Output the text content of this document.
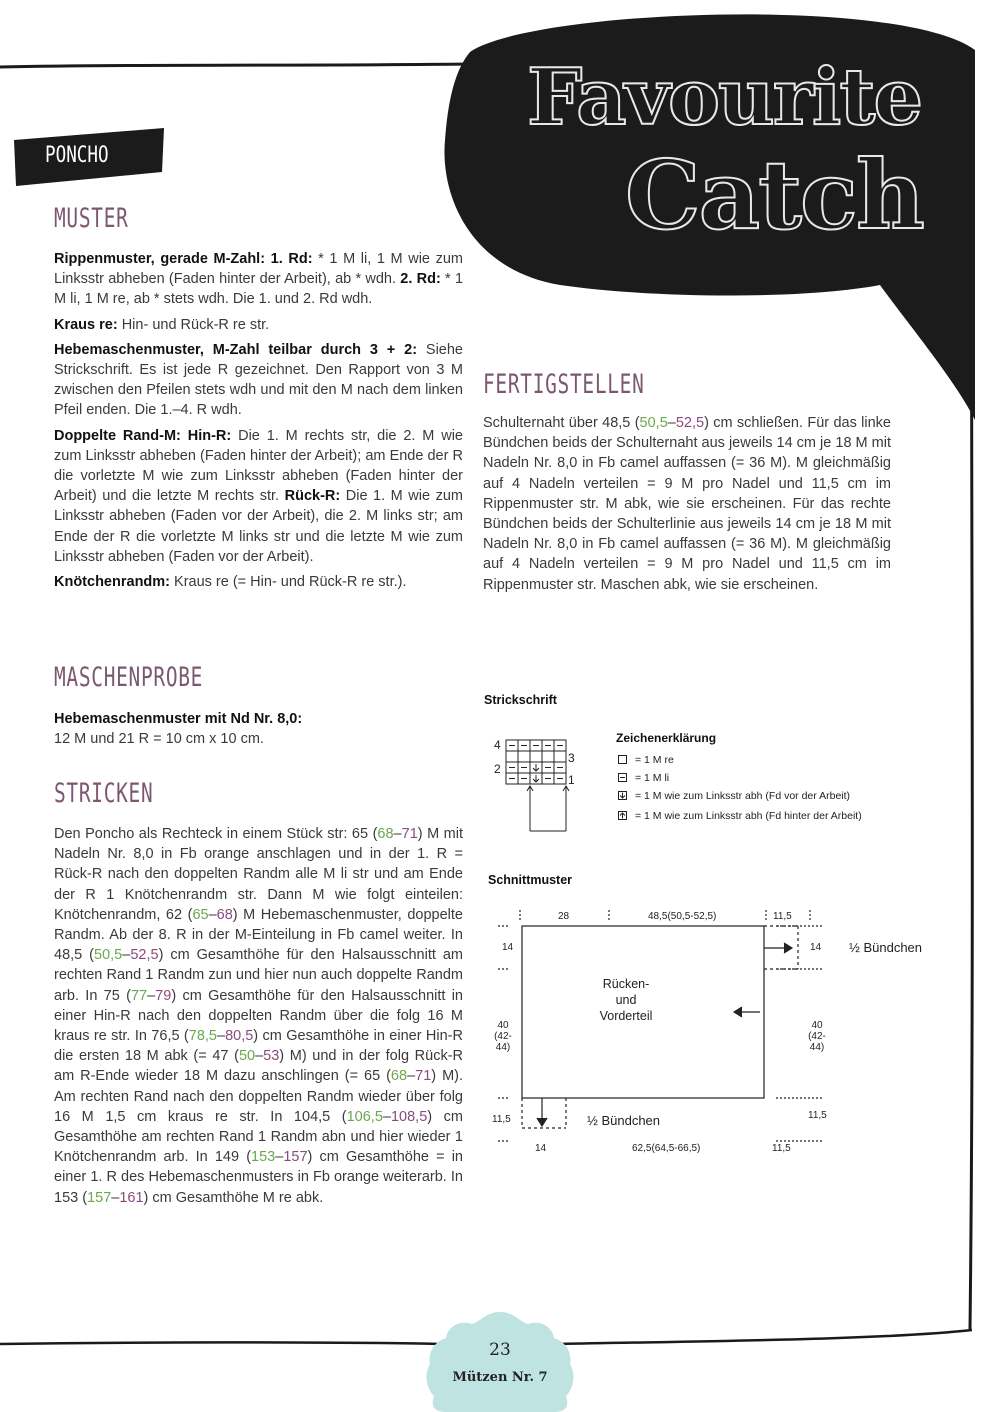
PONCHO
Favourite
Catch
MUSTER

Rippenmuster, gerade M-Zahl: 1. Rd: * 1 M li, 1 M wie zum Linksstr abheben (Faden hinter der Arbeit), ab * wdh. 2. Rd: * 1 M li, 1 M re, ab * stets wdh. Die 1. und 2. Rd wdh.

Kraus re: Hin- und Rück-R re str.

Hebemaschenmuster, M-Zahl teilbar durch 3 + 2: Siehe Strickschrift. Es ist jede R gezeichnet. Den Rapport von 3 M zwischen den Pfeilen stets wdh und mit den M nach dem linken Pfeil enden. Die 1.–4. R wdh.

Doppelte Rand-M: Hin-R: Die 1. M rechts str, die 2. M wie zum Linksstr abheben (Faden hinter der Arbeit); am Ende der R die vorletzte M wie zum Linksstr abheben (Faden hinter der Arbeit) und die letzte M rechts str. Rück-R: Die 1. M wie zum Linksstr abheben (Faden vor der Arbeit), die 2. M links str; am Ende der R die vorletzte M links str und die letzte M wie zum Linksstr abheben (Faden vor der Arbeit).

Knötchenrandm: Kraus re (= Hin- und Rück-R re str.).

MASCHENPROBE
Hebemaschenmuster mit Nd Nr. 8,0:
12 M und 21 R = 10 cm x 10 cm.
STRICKEN
Den Poncho als Rechteck in einem Stück str: 65 (68–71) M mit Nadeln Nr. 8,0 in Fb orange anschlagen und in der 1. R = Rück-R nach den doppelten Randm alle M li str und am Ende der R 1 Knötchenrandm str. Dann M wie folgt einteilen: Knötchenrandm, 62 (65–68) M Hebemaschenmuster, doppelte Randm. Ab der 8. R in der M-Einteilung in Fb camel weiter. In 48,5 (50,5–52,5) cm Gesamthöhe für den Halsausschnitt am rechten Rand 1 Randm zun und hier nun auch doppelte Randm arb. In 75 (77–79) cm Gesamthöhe für den Halsausschnitt in einer Hin-R nach den doppelten Randm über die folg 16 M kraus re str. In 76,5 (78,5–80,5) cm Gesamthöhe in einer Hin-R die ersten 18 M abk (= 47 (50–53) M) und in der folg Rück-R am R-Ende wieder 18 M dazu anschlingen (= 65 (68–71) M). Am rechten Rand nach den doppelten Randm wieder über folg 16 M 1,5 cm kraus re str. In 104,5 (106,5–108,5) cm Gesamthöhe am rechten Rand 1 Randm abn und hier wieder 1 Knötchenrandm arb. In 149 (153–157) cm Gesamthöhe = in einer 1. R des Hebemaschenmusters in Fb orange weiterarb. In 153 (157–161) cm Gesamthöhe M re abk.
FERTIGSTELLEN
Schulternaht über 48,5 (50,5–52,5) cm schließen. Für das linke Bündchen beids der Schulternaht aus jeweils 14 cm je 18 M mit Nadeln Nr. 8,0 in Fb camel auffassen (= 36 M). M gleichmäßig auf 4 Nadeln verteilen = 9 M pro Nadel und 11,5 cm im Rippenmuster str. M abk, wie sie erscheinen. Für das rechte Bündchen beids der Schulterlinie aus jeweils 14 cm je 18 M mit Nadeln Nr. 8,0 in Fb camel auffassen (= 36 M). M gleichmäßig auf 4 Nadeln verteilen = 9 M pro Nadel und 11,5 cm im Rippenmuster str. Maschen abk, wie sie erscheinen.
Strickschrift
4
2
3
1
Zeichenerklärung
= 1 M re
= 1 M li
= 1 M wie zum Linksstr abh (Fd vor der Arbeit)
= 1 M wie zum Linksstr abh (Fd hinter der Arbeit)
Schnittmuster
28	48,5(50,5-52,5)	11,5
14	14 ½ Bündchen
Rücken-
und
Vorderteil
40
(42-
44)
40
(42-
44)
11,5	11,5
½ Bündchen
14	62,5(64,5-66,5)	11,5
23
Mützen Nr. 7
